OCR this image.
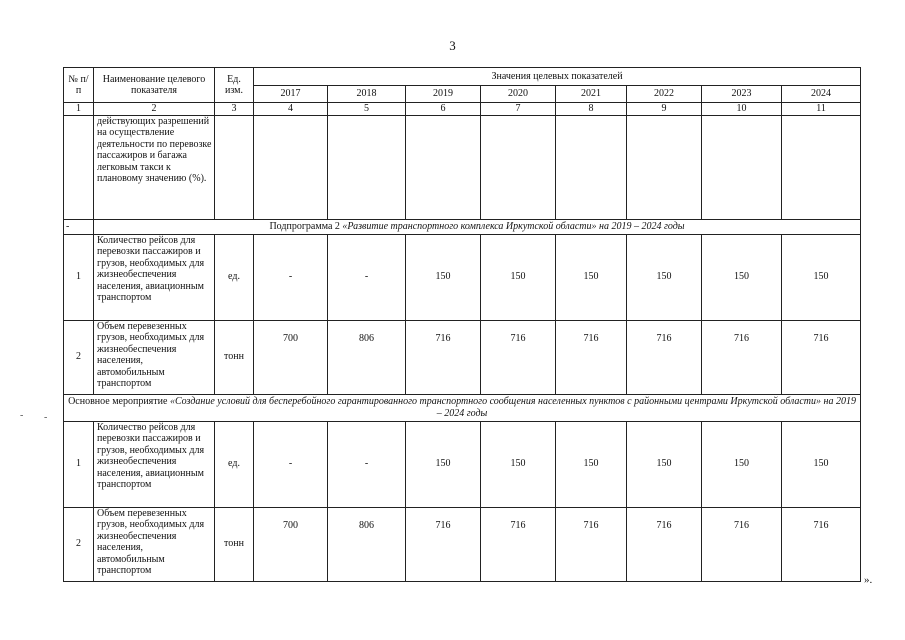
3
№ п/п	Наименование целевого показателя	Ед. изм.	Значения целевых показателей							
			2017	2018	2019	2020	2021	2022	2023	2024
1	2	3	4	5	6	7	8	9	10	11
	действующих разрешений на осуществление деятельности по перевозке пассажиров и багажа легковым такси к плановому значению (%).									
-	Подпрограмма 2 «Развитие транспортного комплекса Иркутской области» на 2019 – 2024 годы									
1	Количество рейсов для перевозки пассажиров и грузов, необходимых для жизнеобеспечения населения, авиационным транспортом	ед.	-	-	150	150	150	150	150	150
2	Объем перевезенных грузов, необходимых для жизнеобеспечения населения, автомобильным транспортом	тонн	700	806	716	716	716	716	716	716
Основное мероприятие «Создание условий для бесперебойного гарантированного транспортного сообщения населенных пунктов с районными центрами Иркутской области» на 2019 – 2024 годы										
1	Количество рейсов для перевозки пассажиров и грузов, необходимых для жизнеобеспечения населения, авиационным транспортом	ед.	-	-	150	150	150	150	150	150
2	Объем перевезенных грузов, необходимых для жизнеобеспечения населения, автомобильным транспортом	тонн	700	806	716	716	716	716	716	716
».
- -
